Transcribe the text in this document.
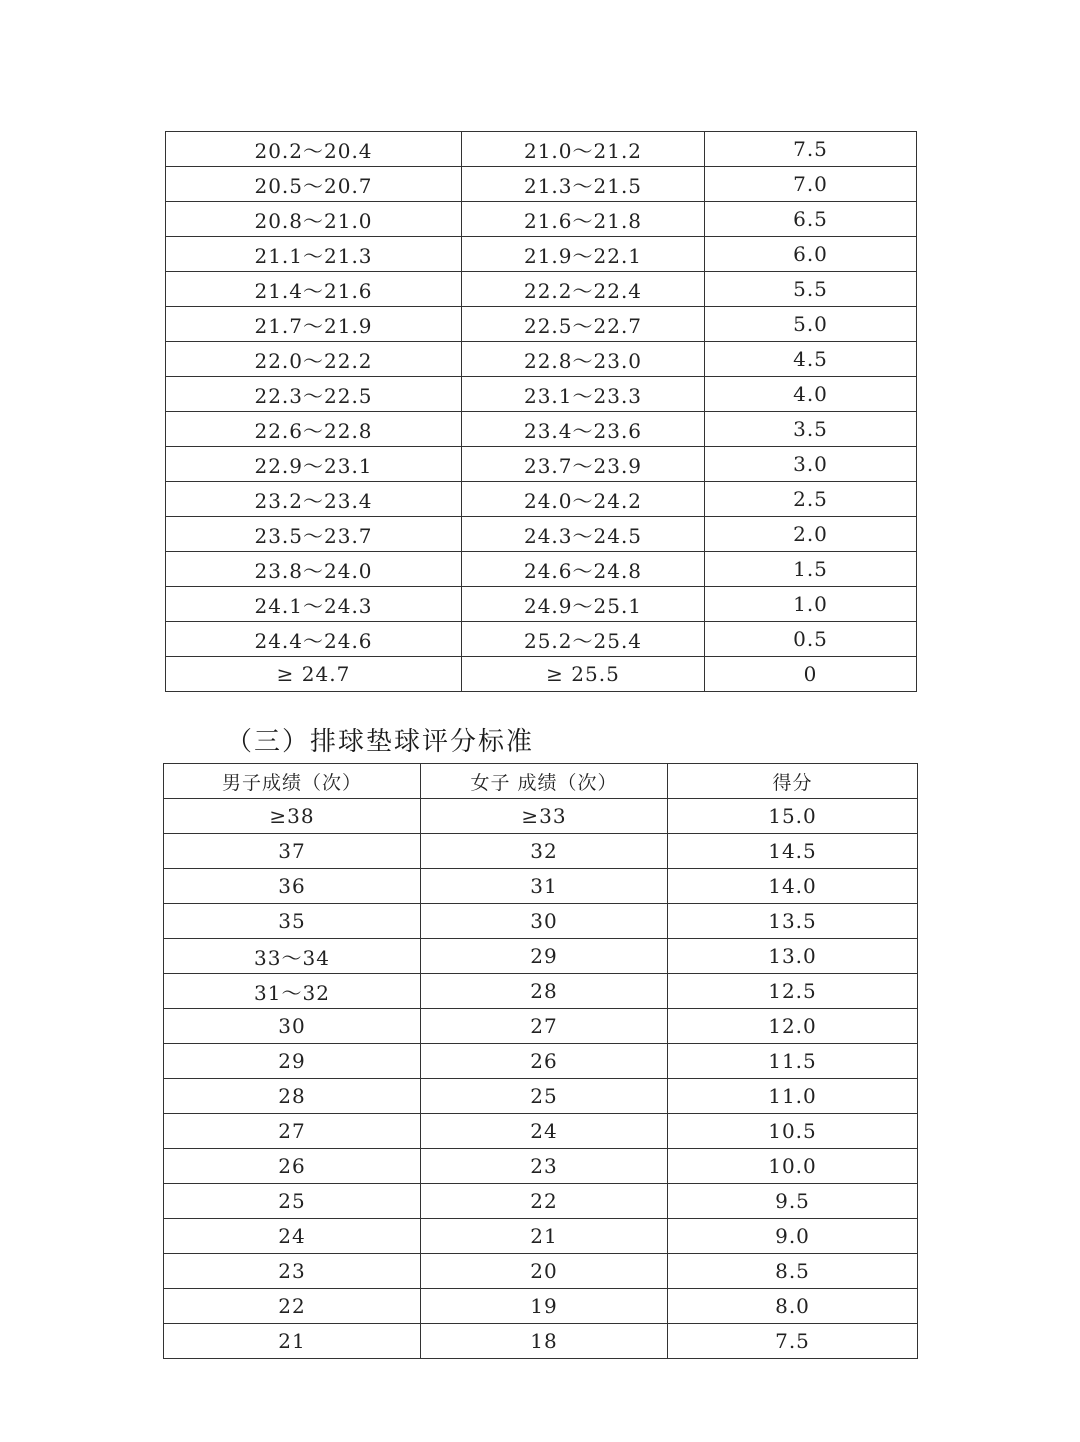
20.2～20.4	21.0～21.2	7.5
20.5～20.7	21.3～21.5	7.0
20.8～21.0	21.6～21.8	6.5
21.1～21.3	21.9～22.1	6.0
21.4～21.6	22.2～22.4	5.5
21.7～21.9	22.5～22.7	5.0
22.0～22.2	22.8～23.0	4.5
22.3～22.5	23.1～23.3	4.0
22.6～22.8	23.4～23.6	3.5
22.9～23.1	23.7～23.9	3.0
23.2～23.4	24.0～24.2	2.5
23.5～23.7	24.3～24.5	2.0
23.8～24.0	24.6～24.8	1.5
24.1～24.3	24.9～25.1	1.0
24.4～24.6	25.2～25.4	0.5
≥ 24.7	≥ 25.5	0
（三）排球垫球评分标准
男子成绩（次）	女子 成绩（次）	得分
≥38	≥33	15.0
37	32	14.5
36	31	14.0
35	30	13.5
33～34	29	13.0
31～32	28	12.5
30	27	12.0
29	26	11.5
28	25	11.0
27	24	10.5
26	23	10.0
25	22	9.5
24	21	9.0
23	20	8.5
22	19	8.0
21	18	7.5
